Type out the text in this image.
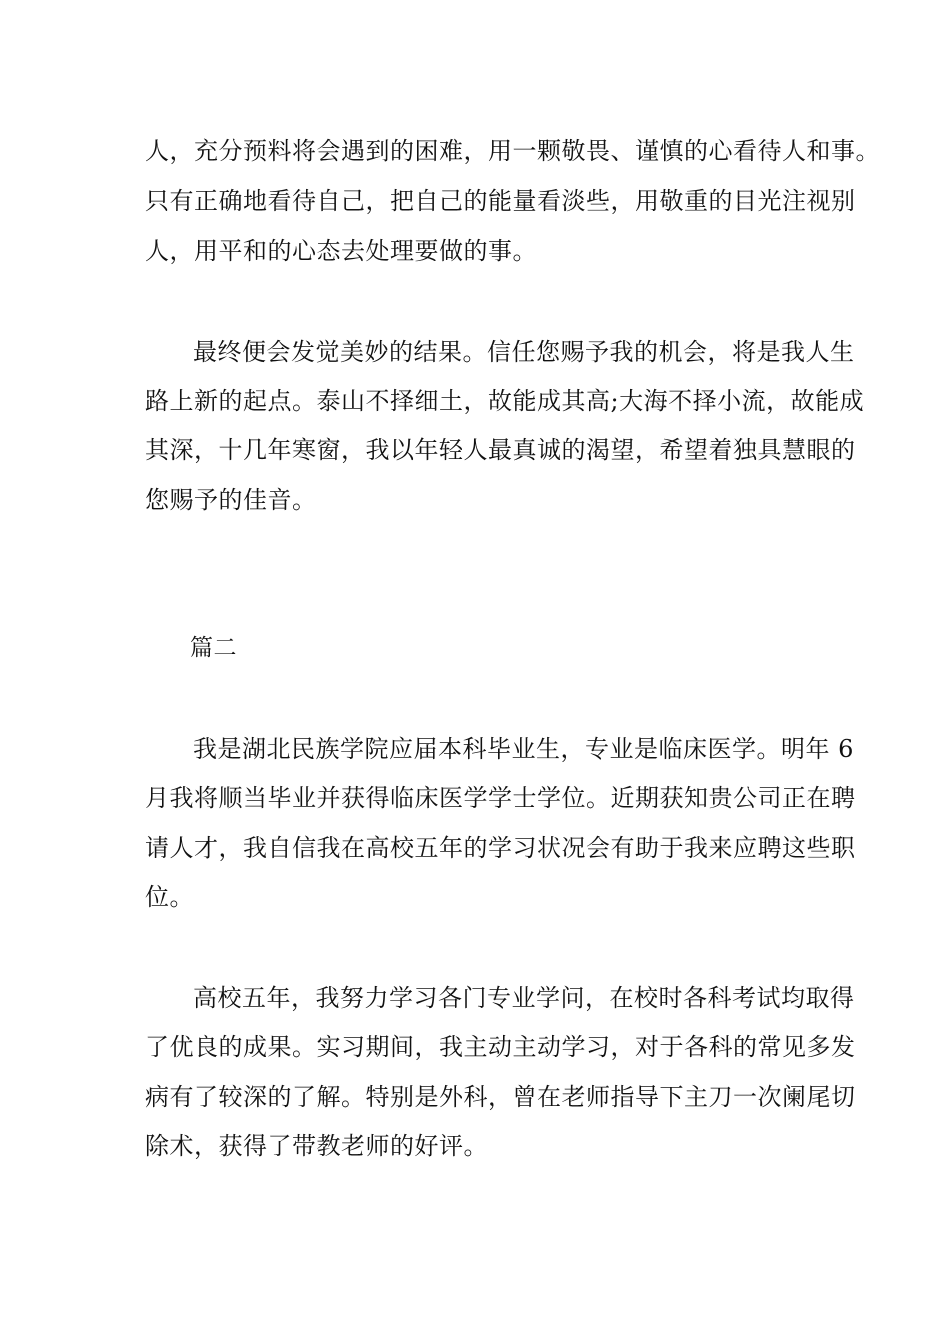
人，充分预料将会遇到的困难，用一颗敬畏、谨慎的心看待人和事。
只有正确地看待自己，把自己的能量看淡些，用敬重的目光注视别
人，用平和的心态去处理要做的事。
最终便会发觉美妙的结果。信任您赐予我的机会，将是我人生
路上新的起点。泰山不择细土，故能成其高;大海不择小流，故能成
其深，十几年寒窗，我以年轻人最真诚的渴望，希望着独具慧眼的
您赐予的佳音。
篇二
我是湖北民族学院应届本科毕业生，专业是临床医学。明年 6
月我将顺当毕业并获得临床医学学士学位。近期获知贵公司正在聘
请人才，我自信我在高校五年的学习状况会有助于我来应聘这些职
位。
高校五年，我努力学习各门专业学问，在校时各科考试均取得
了优良的成果。实习期间，我主动主动学习，对于各科的常见多发
病有了较深的了解。特别是外科，曾在老师指导下主刀一次阑尾切
除术，获得了带教老师的好评。
